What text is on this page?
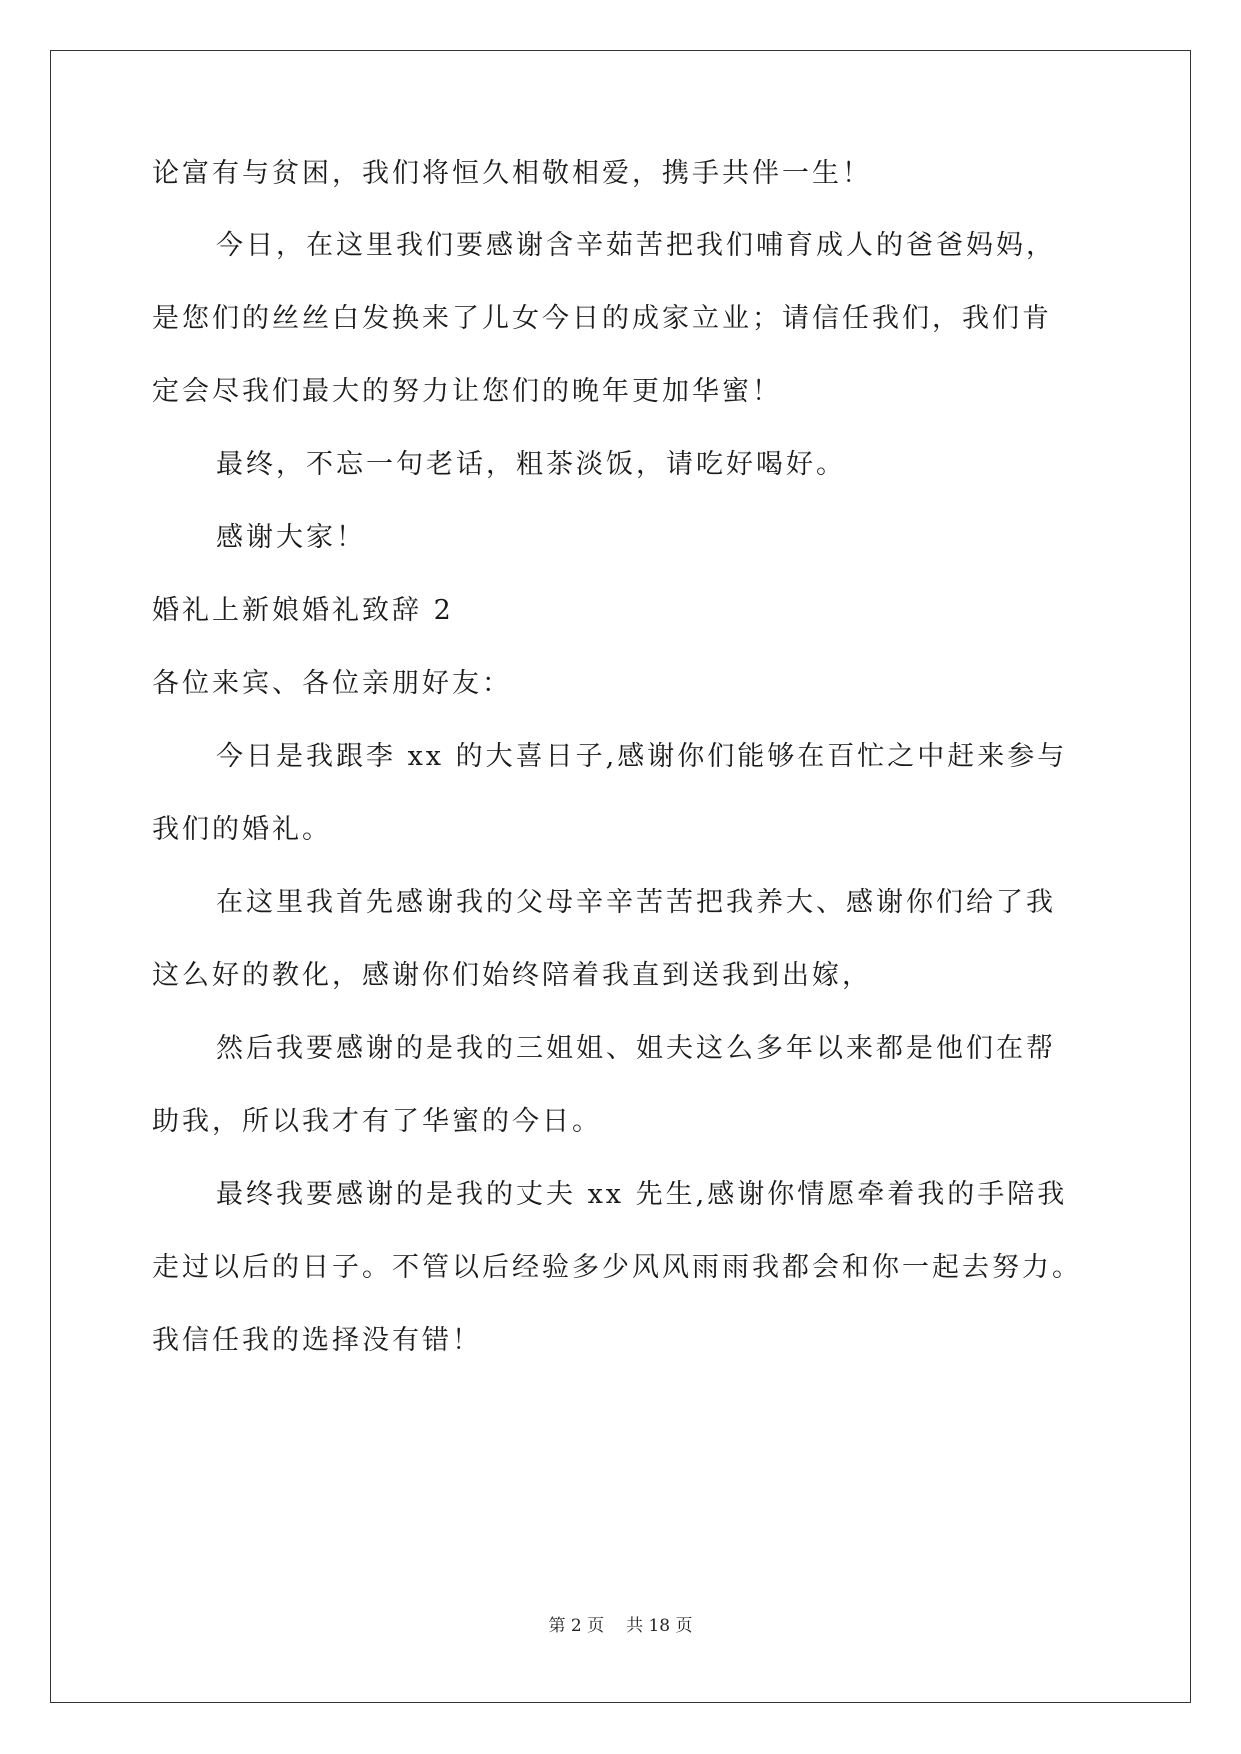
论富有与贫困，我们将恒久相敬相爱，携手共伴一生！
今日，在这里我们要感谢含辛茹苦把我们哺育成人的爸爸妈妈，
是您们的丝丝白发换来了儿女今日的成家立业；请信任我们，我们肯
定会尽我们最大的努力让您们的晚年更加华蜜！
最终，不忘一句老话，粗茶淡饭，请吃好喝好。
感谢大家！
婚礼上新娘婚礼致辞 2
各位来宾、各位亲朋好友：
今日是我跟李 xx 的大喜日子,感谢你们能够在百忙之中赶来参与
我们的婚礼。
在这里我首先感谢我的父母辛辛苦苦把我养大、感谢你们给了我
这么好的教化，感谢你们始终陪着我直到送我到出嫁，
然后我要感谢的是我的三姐姐、姐夫这么多年以来都是他们在帮
助我，所以我才有了华蜜的今日。
最终我要感谢的是我的丈夫 xx 先生,感谢你情愿牵着我的手陪我
走过以后的日子。不管以后经验多少风风雨雨我都会和你一起去努力。
我信任我的选择没有错！
第 2 页 共 18 页
